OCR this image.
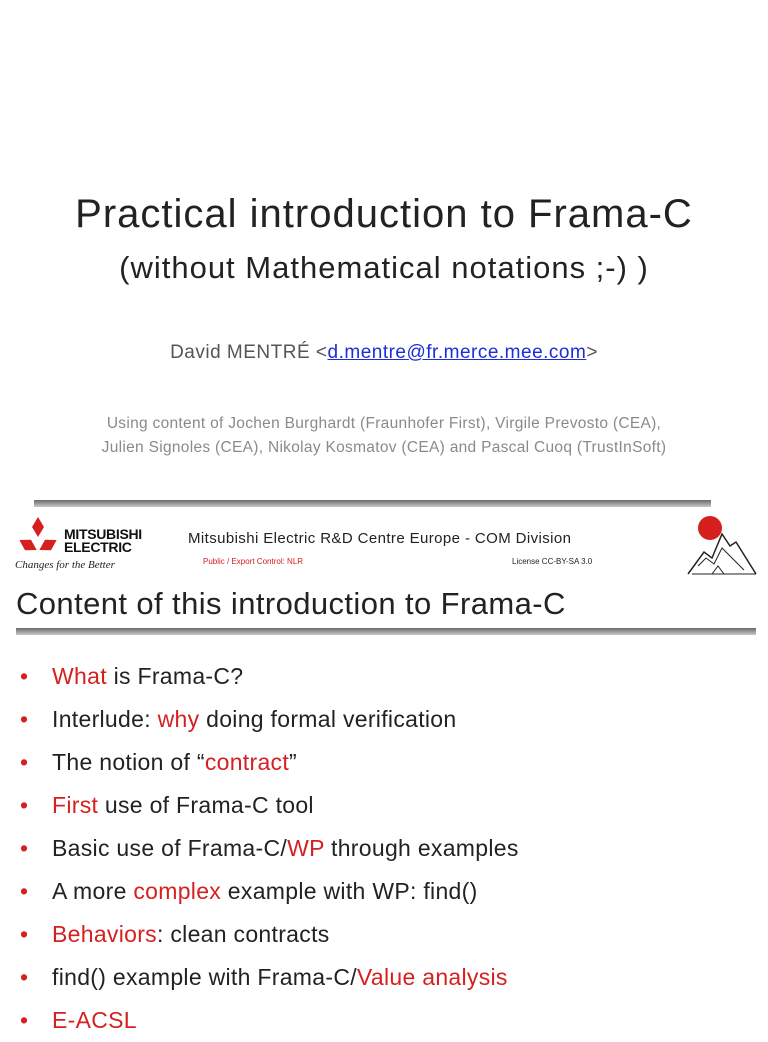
Practical introduction to Frama-C
(without Mathematical notations ;-) )
David MENTRÉ <d.mentre@fr.merce.mee.com>
Using content of Jochen Burghardt (Fraunhofer First), Virgile Prevosto (CEA),
Julien Signoles (CEA), Nikolay Kosmatov (CEA) and Pascal Cuoq (TrustInSoft)
MITSUBISHI
ELECTRIC
Changes for the Better
Mitsubishi Electric R&D Centre Europe - COM Division
Public / Export Control: NLR	License CC-BY-SA 3.0
Content of this introduction to Frama-C
• What is Frama-C?
• Interlude: why doing formal verification
• The notion of “contract”
• First use of Frama-C tool
• Basic use of Frama-C/WP through examples
• A more complex example with WP: find()
• Behaviors: clean contracts
• find() example with Frama-C/Value analysis
• E-ACSL
